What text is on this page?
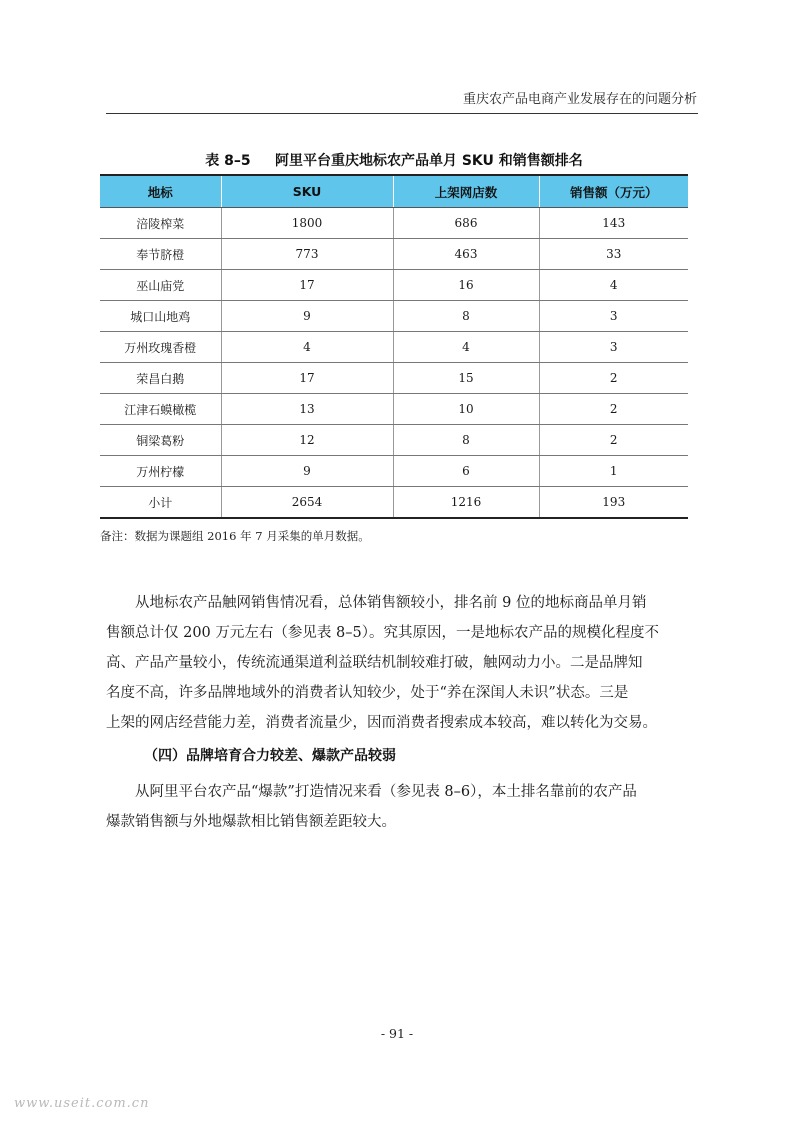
重庆农产品电商产业发展存在的问题分析
表 8–5     阿里平台重庆地标农产品单月 SKU 和销售额排名
地标	SKU	上架网店数	销售额（万元）
涪陵榨菜	1800	686	143
奉节脐橙	773	463	33
巫山庙党	17	16	4
城口山地鸡	9	8	3
万州玫瑰香橙	4	4	3
荣昌白鹅	17	15	2
江津石蟆橄榄	13	10	2
铜梁葛粉	12	8	2
万州柠檬	9	6	1
小计	2654	1216	193
备注：数据为课题组 2016 年 7 月采集的单月数据。
　　从地标农产品触网销售情况看，总体销售额较小，排名前 9 位的地标商品单月销
售额总计仅 200 万元左右（参见表 8–5）。究其原因，一是地标农产品的规模化程度不
高、产品产量较小，传统流通渠道利益联结机制较难打破，触网动力小。二是品牌知
名度不高，许多品牌地域外的消费者认知较少，处于“养在深闺人未识”状态。三是
上架的网店经营能力差，消费者流量少，因而消费者搜索成本较高，难以转化为交易。
（四）品牌培育合力较差、爆款产品较弱
　　从阿里平台农产品“爆款”打造情况来看（参见表 8–6），本土排名靠前的农产品
爆款销售额与外地爆款相比销售额差距较大。
- 91 -
www.useit.com.cn
